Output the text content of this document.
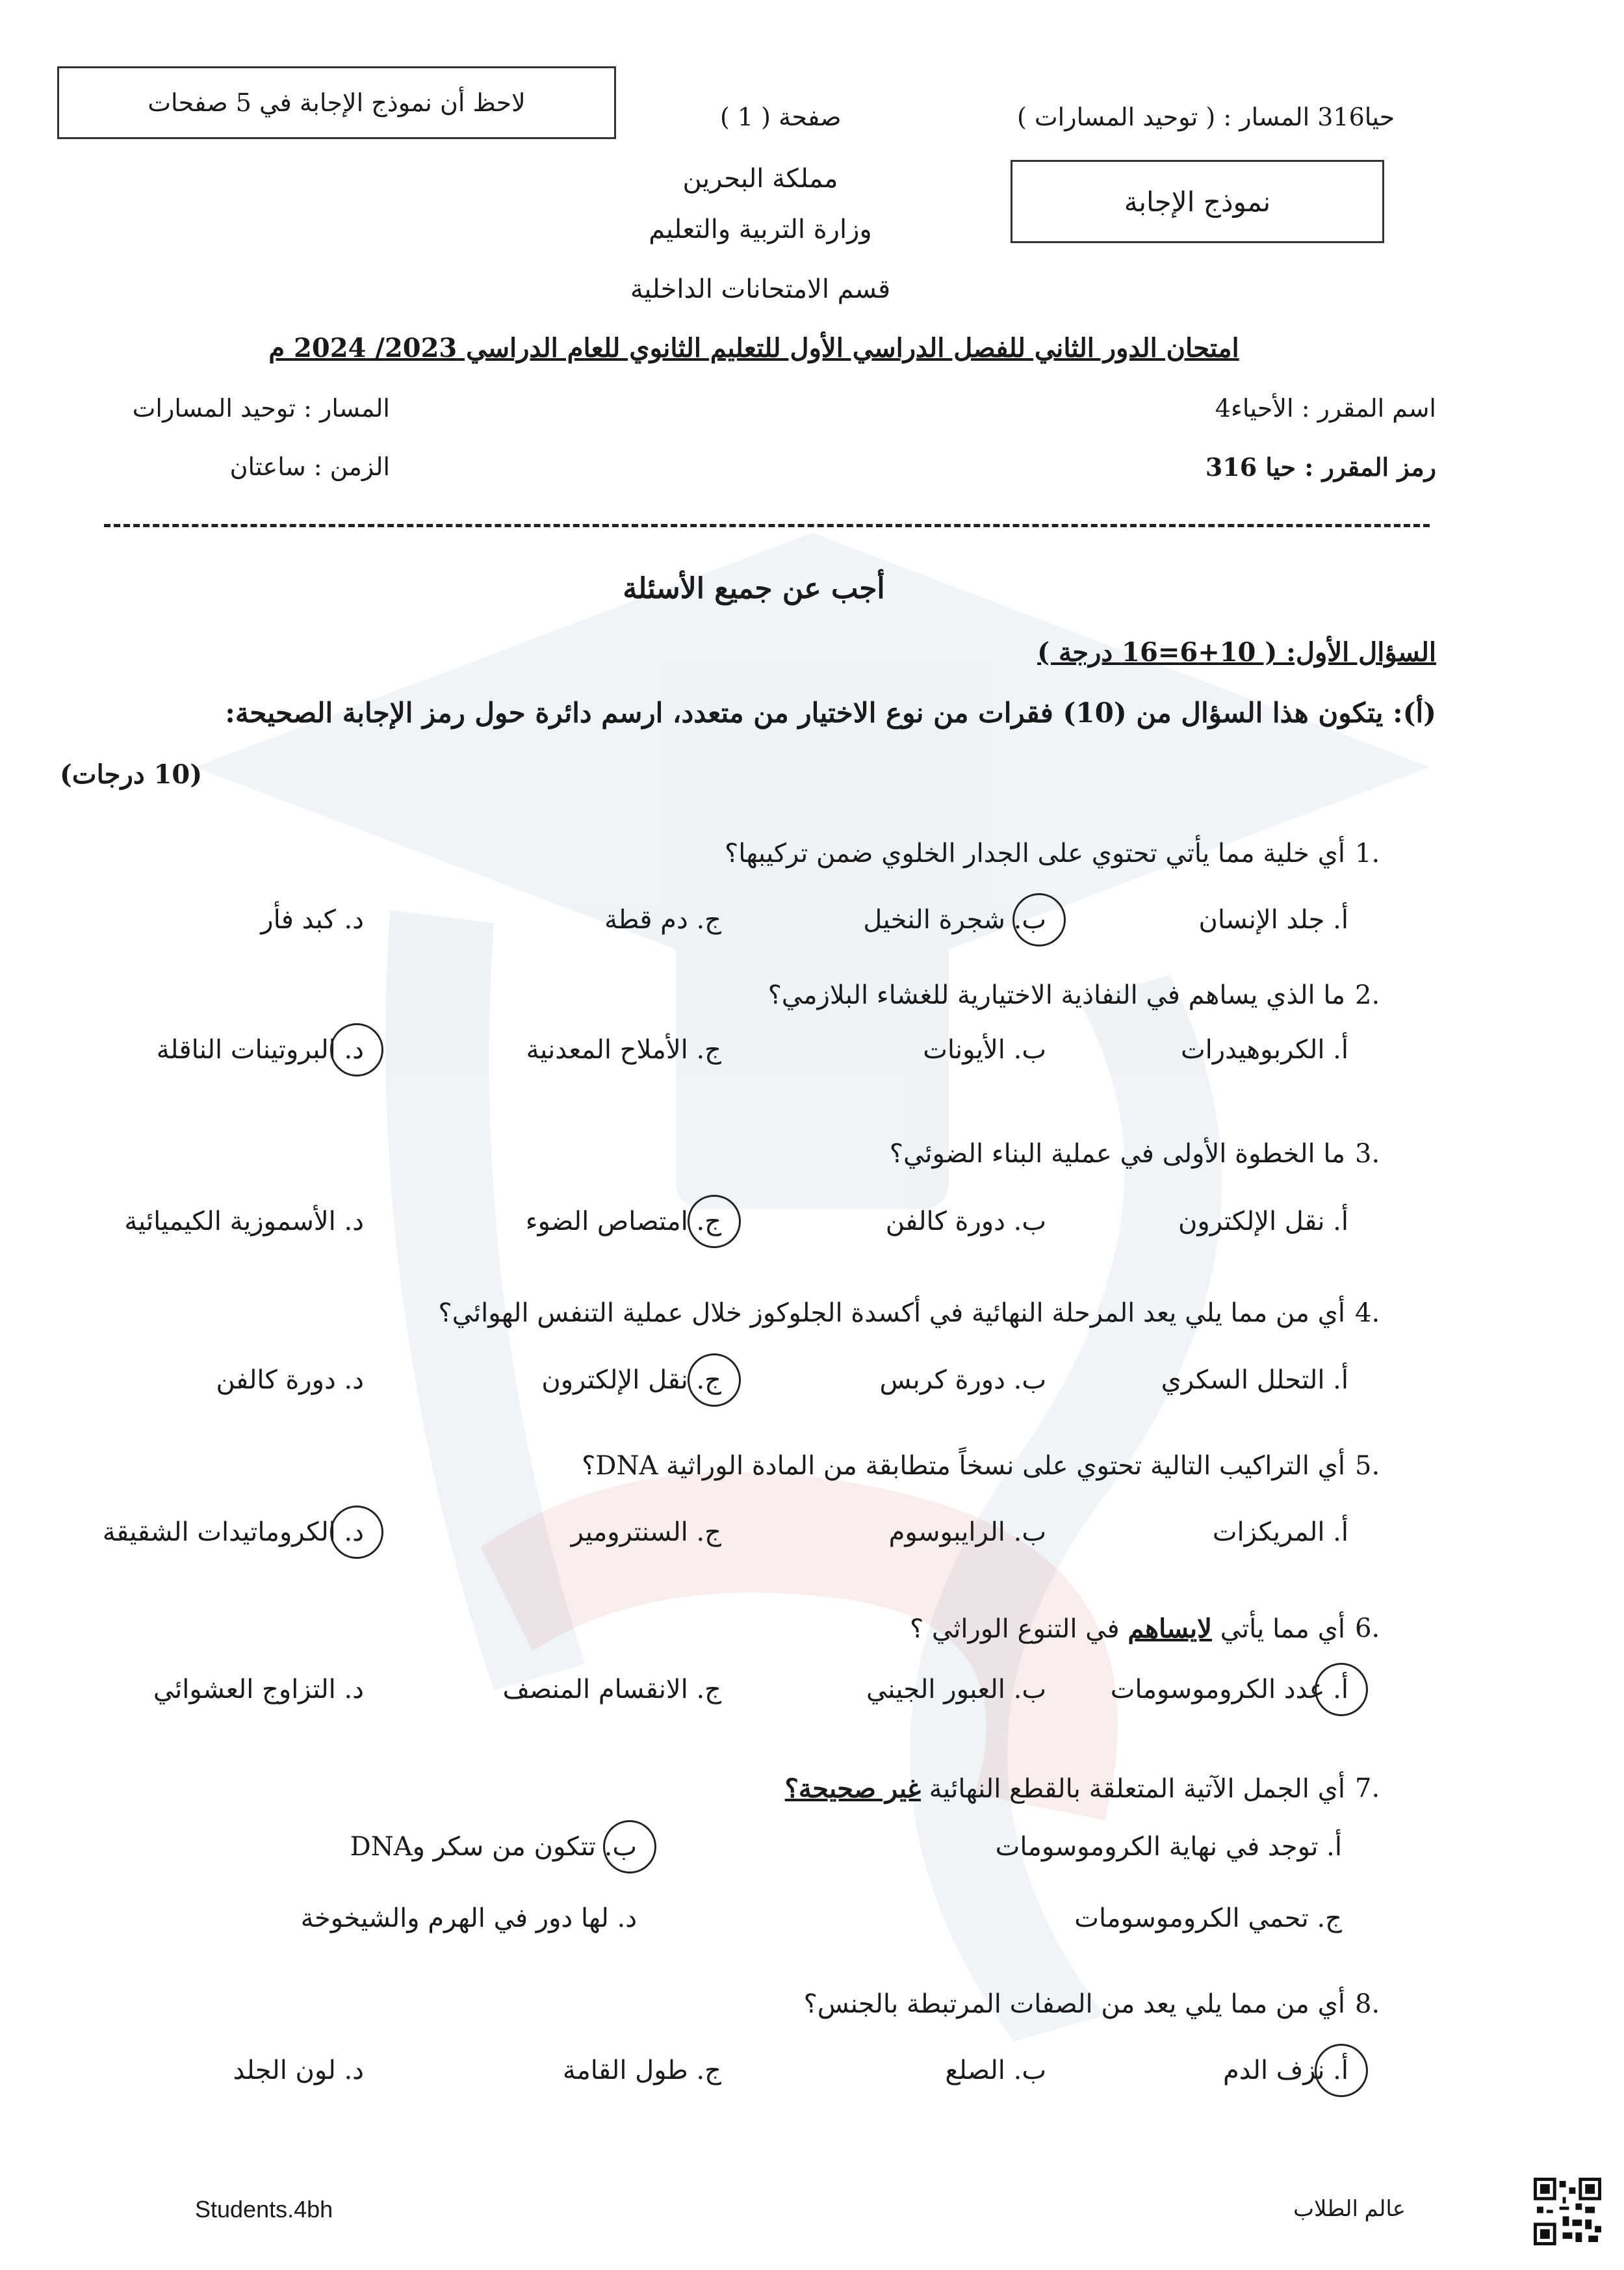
لاحظ أن نموذج الإجابة في 5 صفحات	صفحة ( 1 )	حيا316 المسار : ( توحيد المسارات )
نموذج الإجابة
مملكة البحرين
وزارة التربية والتعليم
قسم الامتحانات الداخلية
امتحان الدور الثاني للفصل الدراسي الأول للتعليم الثانوي للعام الدراسي 2023/ 2024 م
اسم المقرر : الأحياء4
رمز المقرر : حيا 316
المسار : توحيد المسارات
الزمن : ساعتان
أجب عن جميع الأسئلة
السؤال الأول: ( 10+6=16 درجة )
(أ): يتكون هذا السؤال من (10) فقرات من نوع الاختيار من متعدد، ارسم دائرة حول رمز الإجابة الصحيحة:
(10 درجات)
1.
أي خلية مما يأتي تحتوي على الجدار الخلوي ضمن تركيبها؟
أ. جلد الإنسان
ب. شجرة النخيل
ج. دم قطة
د. كبد فأر
2.
ما الذي يساهم في النفاذية الاختيارية للغشاء البلازمي؟
أ. الكربوهيدرات
ب. الأيونات
ج. الأملاح المعدنية
د. البروتينات الناقلة
3.
ما الخطوة الأولى في عملية البناء الضوئي؟
أ. نقل الإلكترون
ب. دورة كالفن
ج. امتصاص الضوء
د. الأسموزية الكيميائية
4.
أي من مما يلي يعد المرحلة النهائية في أكسدة الجلوكوز خلال عملية التنفس الهوائي؟
أ. التحلل السكري
ب. دورة كربس
ج. نقل الإلكترون
د. دورة كالفن
5.
أي التراكيب التالية تحتوي على نسخاً متطابقة من المادة الوراثية DNA؟
أ. المريكزات
ب. الرايبوسوم
ج. السنترومير
د. الكروماتيدات الشقيقة
6.
أي مما يأتي لايساهم في التنوع الوراثي ؟
أ. عدد الكروموسومات
ب. العبور الجيني
ج. الانقسام المنصف
د. التزاوج العشوائي
7.
أي الجمل الآتية المتعلقة بالقطع النهائية غير صحيحة؟
أ. توجد في نهاية الكروموسومات
ب. تتكون من سكر وDNA
ج. تحمي الكروموسومات
د. لها دور في الهرم والشيخوخة
8.
أي من مما يلي يعد من الصفات المرتبطة بالجنس؟
أ. نزف الدم
ب. الصلع
ج. طول القامة
د. لون الجلد
Students.4bh	عالم الطلاب
